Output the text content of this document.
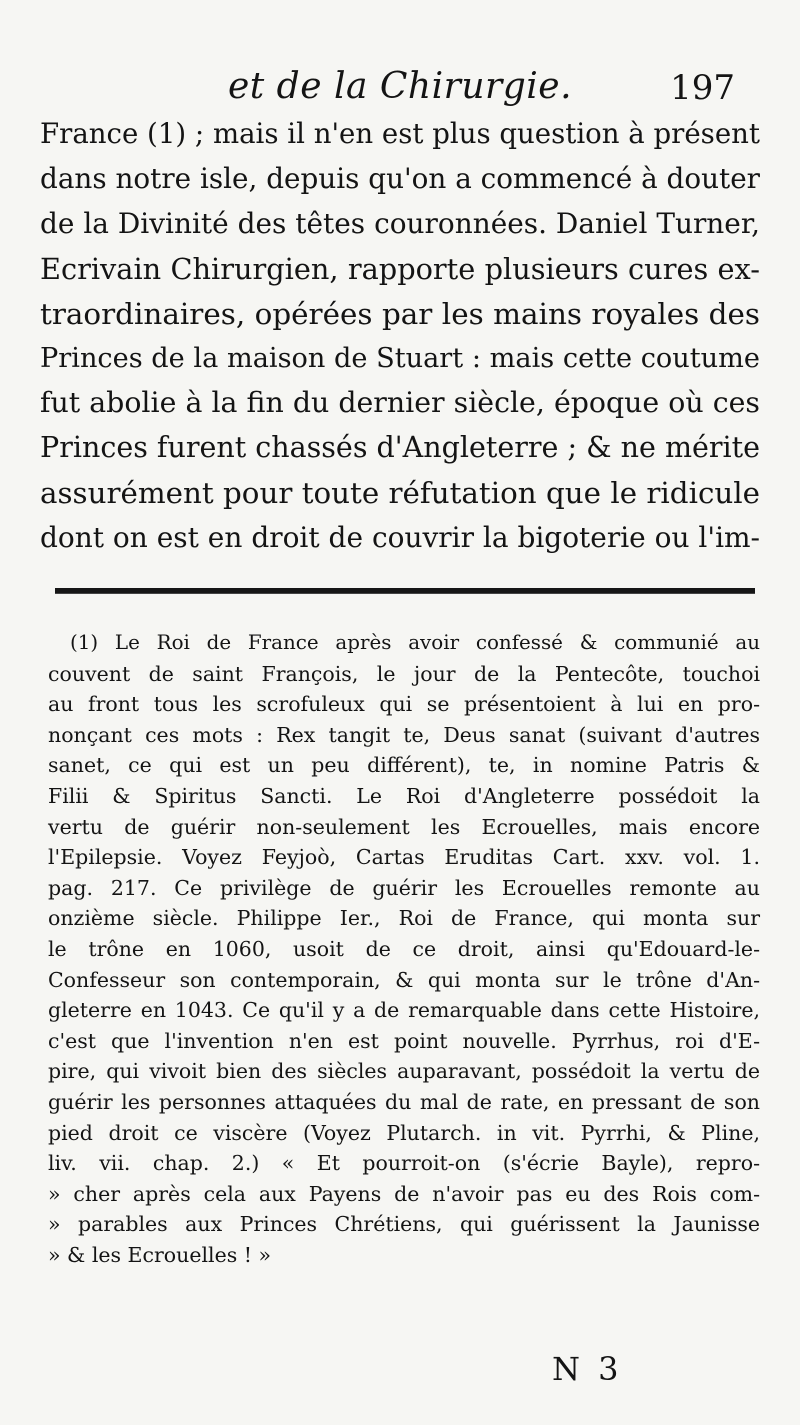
et de la Chirurgie.	197
France (1) ; mais il n'en est plus question à présent
dans notre isle, depuis qu'on a commencé à douter
de la Divinité des têtes couronnées. Daniel Turner,
Ecrivain Chirurgien, rapporte plusieurs cures ex-
traordinaires, opérées par les mains royales des
Princes de la maison de Stuart : mais cette coutume
fut abolie à la fin du dernier siècle, époque où ces
Princes furent chassés d'Angleterre ; & ne mérite
assurément pour toute réfutation que le ridicule
dont on est en droit de couvrir la bigoterie ou l'im-
(1) Le Roi de France après avoir confessé & communié au
couvent de saint François, le jour de la Pentecôte, touchoi
au front tous les scrofuleux qui se présentoient à lui en pro-
nonçant ces mots : Rex tangit te, Deus sanat (suivant d'autres
sanet, ce qui est un peu différent), te, in nomine Patris &
Filii & Spiritus Sancti. Le Roi d'Angleterre possédoit la
vertu de guérir non-seulement les Ecrouelles, mais encore
l'Epilepsie. Voyez Feyjoò, Cartas Eruditas Cart. xxv. vol. 1.
pag. 217. Ce privilège de guérir les Ecrouelles remonte au
onzième siècle. Philippe Ier., Roi de France, qui monta sur
le trône en 1060, usoit de ce droit, ainsi qu'Edouard-le-
Confesseur son contemporain, & qui monta sur le trône d'An-
gleterre en 1043. Ce qu'il y a de remarquable dans cette Histoire,
c'est que l'invention n'en est point nouvelle. Pyrrhus, roi d'E-
pire, qui vivoit bien des siècles auparavant, possédoit la vertu de
guérir les personnes attaquées du mal de rate, en pressant de son
pied droit ce viscère (Voyez Plutarch. in vit. Pyrrhi, & Pline,
liv. vii. chap. 2.) « Et pourroit-on (s'écrie Bayle), repro-
» cher après cela aux Payens de n'avoir pas eu des Rois com-
» parables aux Princes Chrétiens, qui guérissent la Jaunisse
» & les Ecrouelles ! »
N 3
